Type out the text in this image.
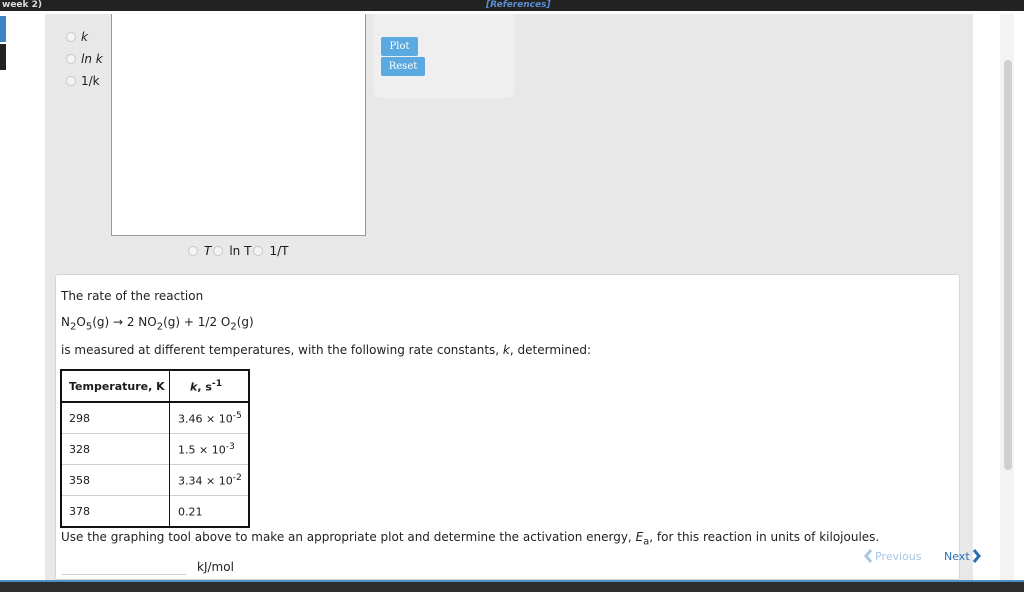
week 2)	[References]
k
ln k
1/k
Plot
Reset
T ln T 1/T
The rate of the reaction
$N_2O_5(g) \to 2$ $NO_2(g) + 1/2$ $O_2(g)$
is measured at different temperatures, with the following rate constants, k, determined:
Temperature, K	k, $s^{-1}$
298	$3.46 \times 10^{-5}$
328	$1.5 \times 10^{-3}$
358	$3.34 \times 10^{-2}$
378	0.21
Use the graphing tool above to make an appropriate plot and determine the activation energy, $E_a$, for this reaction in units of kilojoules.
kJ/mol
Previous Next
